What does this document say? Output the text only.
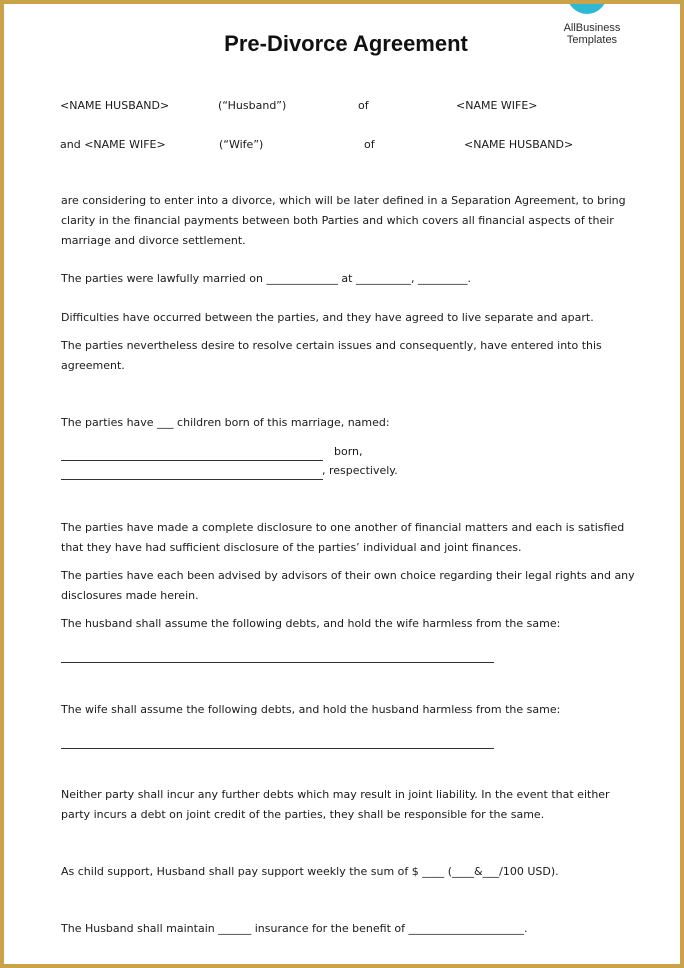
AllBusiness
Templates
Pre-Divorce Agreement
<NAME HUSBAND>	(“Husband”)	of	<NAME WIFE>
and <NAME WIFE>	(“Wife”)	of	<NAME HUSBAND>
are considering to enter into a divorce, which will be later defined in a Separation Agreement, to bring clarity in the financial payments between both Parties and which covers all financial aspects of their marriage and divorce settlement.
The parties were lawfully married on _____________ at __________, _________.
Difficulties have occurred between the parties, and they have agreed to live separate and apart.
The parties nevertheless desire to resolve certain issues and consequently, have entered into this agreement.
The parties have ___ children born of this marriage, named:
born,
, respectively.
The parties have made a complete disclosure to one another of financial matters and each is satisfied that they have had sufficient disclosure of the parties’ individual and joint finances.
The parties have each been advised by advisors of their own choice regarding their legal rights and any disclosures made herein.
The husband shall assume the following debts, and hold the wife harmless from the same:
The wife shall assume the following debts, and hold the husband harmless from the same:
Neither party shall incur any further debts which may result in joint liability. In the event that either party incurs a debt on joint credit of the parties, they shall be responsible for the same.
As child support, Husband shall pay support weekly the sum of $ ____ (____&___/100 USD).
The Husband shall maintain ______ insurance for the benefit of _____________________.
